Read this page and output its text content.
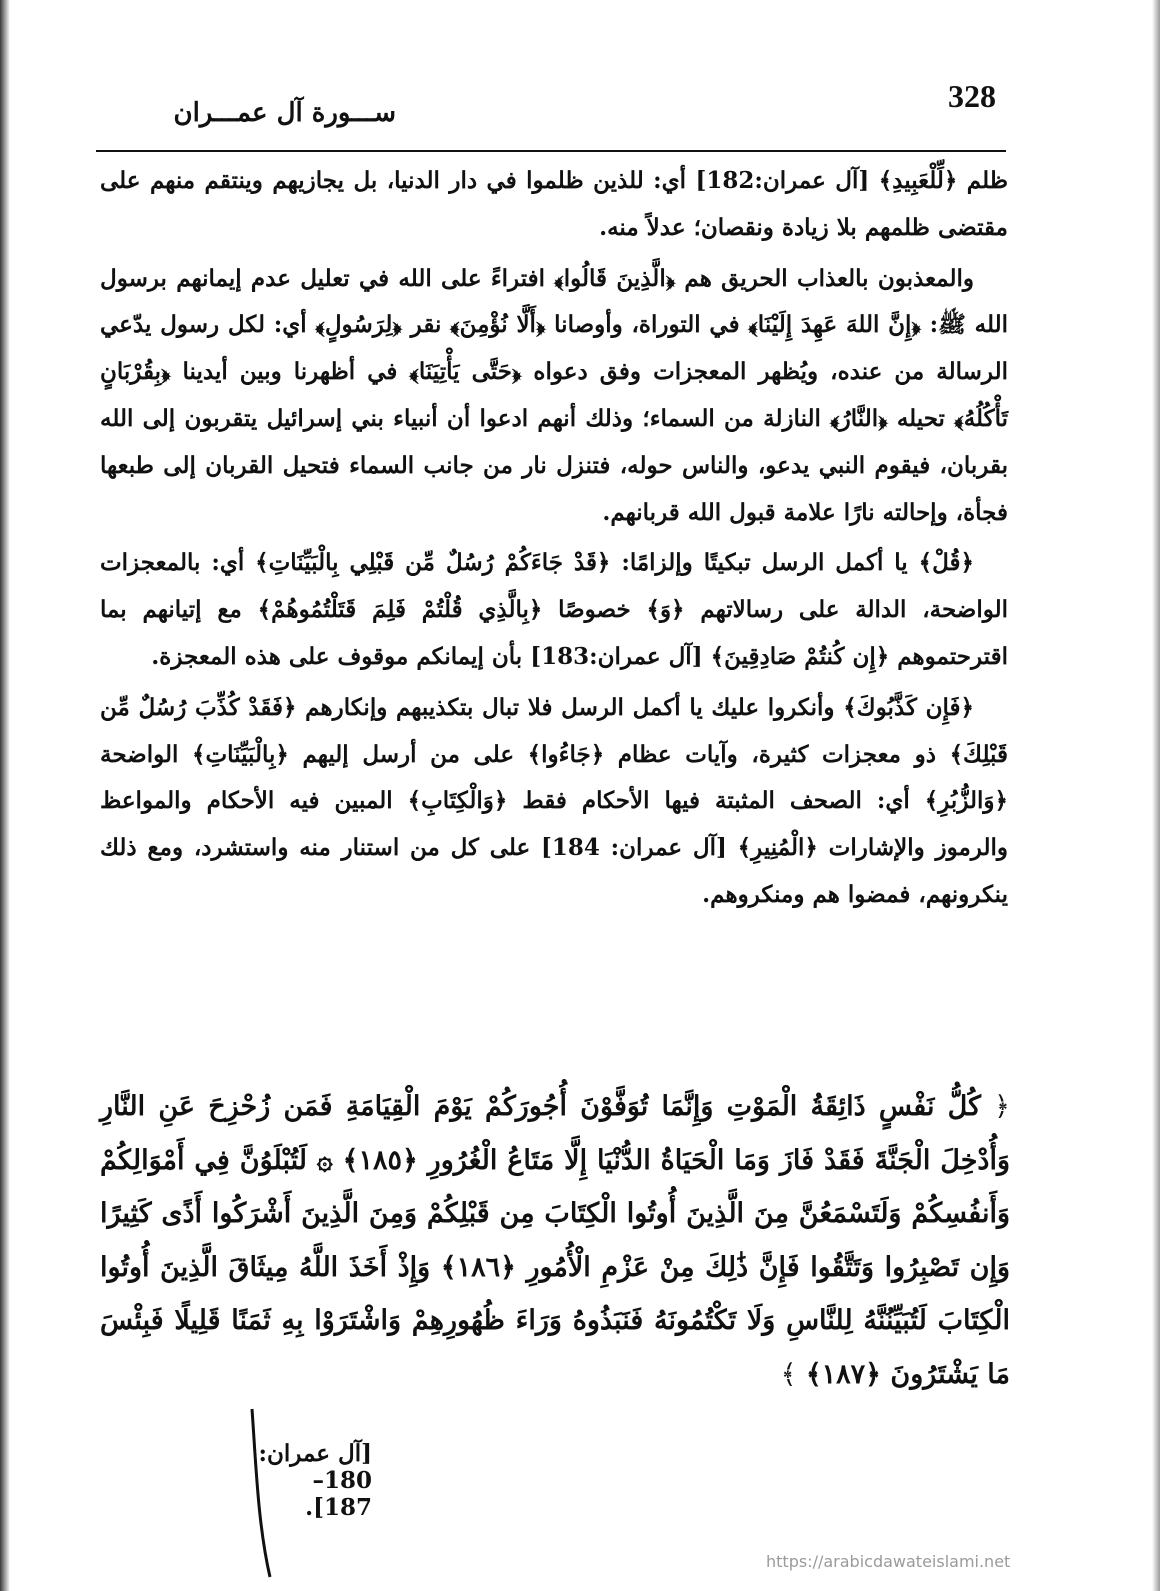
328
ســـورة آل عمـــران

ظلم ﴿لِّلْعَبِيدِ﴾ [آل عمران:182] أي: للذين ظلموا في دار الدنيا، بل يجازيهم وينتقم منهم على مقتضى ظلمهم بلا زيادة ونقصان؛ عدلاً منه.

والمعذبون بالعذاب الحريق هم ﴿الَّذِينَ قَالُوا﴾ افتراءً على الله في تعليل عدم إيمانهم برسول الله ﷺ: ﴿إِنَّ اللهَ عَهِدَ إِلَيْنَا﴾ في التوراة، وأوصانا ﴿أَلَّا نُؤْمِنَ﴾ نقر ﴿لِرَسُولٍ﴾ أي: لكل رسول يدّعي الرسالة من عنده، ويُظهر المعجزات وفق دعواه ﴿حَتَّى يَأْتِيَنَا﴾ في أظهرنا وبين أيدينا ﴿بِقُرْبَانٍ تَأْكُلُهُ﴾ تحيله ﴿النَّارُ﴾ النازلة من السماء؛ وذلك أنهم ادعوا أن أنبياء بني إسرائيل يتقربون إلى الله بقربان، فيقوم النبي يدعو، والناس حوله، فتنزل نار من جانب السماء فتحيل القربان إلى طبعها فجأة، وإحالته نارًا علامة قبول الله قربانهم.

﴿قُلْ﴾ يا أكمل الرسل تبكيتًا وإلزامًا: ﴿قَدْ جَاءَكُمْ رُسُلٌ مِّن قَبْلِي بِالْبَيِّنَاتِ﴾ أي: بالمعجزات الواضحة، الدالة على رسالاتهم ﴿وَ﴾ خصوصًا ﴿بِالَّذِي قُلْتُمْ فَلِمَ قَتَلْتُمُوهُمْ﴾ مع إتيانهم بما اقترحتموهم ﴿إِن كُنتُمْ صَادِقِينَ﴾ [آل عمران:183] بأن إيمانكم موقوف على هذه المعجزة.

﴿فَإِن كَذَّبُوكَ﴾ وأنكروا عليك يا أكمل الرسل فلا تبال بتكذيبهم وإنكارهم ﴿فَقَدْ كُذِّبَ رُسُلٌ مِّن قَبْلِكَ﴾ ذو معجزات كثيرة، وآيات عظام ﴿جَاءُوا﴾ على من أرسل إليهم ﴿بِالْبَيِّنَاتِ﴾ الواضحة ﴿وَالزُّبُرِ﴾ أي: الصحف المثبتة فيها الأحكام فقط ﴿وَالْكِتَابِ﴾ المبين فيه الأحكام والمواعظ والرموز والإشارات ﴿الْمُنِيرِ﴾ [آل عمران: 184] على كل من استنار منه واستشرد، ومع ذلك ينكرونهم، فمضوا هم ومنكروهم.

﴿ كُلُّ نَفْسٍ ذَائِقَةُ الْمَوْتِ وَإِنَّمَا تُوَفَّوْنَ أُجُورَكُمْ يَوْمَ الْقِيَامَةِ فَمَن زُحْزِحَ عَنِ النَّارِ وَأُدْخِلَ الْجَنَّةَ فَقَدْ فَازَ وَمَا الْحَيَاةُ الدُّنْيَا إِلَّا مَتَاعُ الْغُرُورِ ﴿١٨٥﴾ ۞ لَتُبْلَوُنَّ فِي أَمْوَالِكُمْ وَأَنفُسِكُمْ وَلَتَسْمَعُنَّ مِنَ الَّذِينَ أُوتُوا الْكِتَابَ مِن قَبْلِكُمْ وَمِنَ الَّذِينَ أَشْرَكُوا أَذًى كَثِيرًا وَإِن تَصْبِرُوا وَتَتَّقُوا فَإِنَّ ذَٰلِكَ مِنْ عَزْمِ الْأُمُورِ ﴿١٨٦﴾ وَإِذْ أَخَذَ اللَّهُ مِيثَاقَ الَّذِينَ أُوتُوا الْكِتَابَ لَتُبَيِّنُنَّهُ لِلنَّاسِ وَلَا تَكْتُمُونَهُ فَنَبَذُوهُ وَرَاءَ ظُهُورِهِمْ وَاشْتَرَوْا بِهِ ثَمَنًا قَلِيلًا فَبِئْسَ مَا يَشْتَرُونَ ﴿١٨٧﴾ ﴾
[آل عمران: 180–187].
https://arabicdawateislami.net
